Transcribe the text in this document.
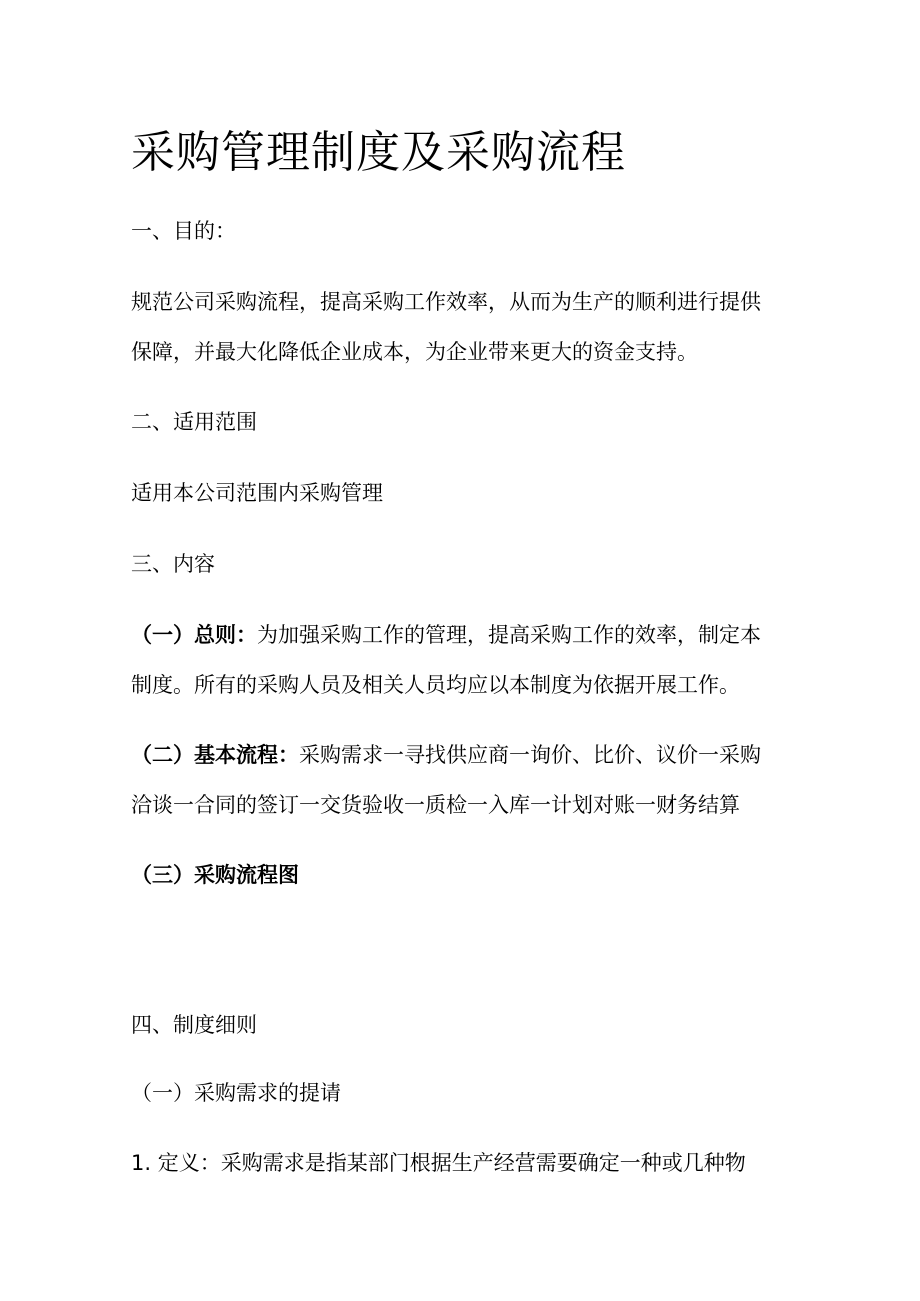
采购管理制度及采购流程
一、目的：
规范公司采购流程，提高采购工作效率，从而为生产的顺利进行提供
保障，并最大化降低企业成本，为企业带来更大的资金支持。
二、适用范围
适用本公司范围内采购管理
三、内容
（一）总则：为加强采购工作的管理，提高采购工作的效率，制定本
制度。所有的采购人员及相关人员均应以本制度为依据开展工作。
（二）基本流程：采购需求一寻找供应商一询价、比价、议价一采购
洽谈一合同的签订一交货验收一质检一入库一计划对账一财务结算
（三）采购流程图
四、制度细则
（一）采购需求的提请
1. 定义：采购需求是指某部门根据生产经营需要确定一种或几种物
